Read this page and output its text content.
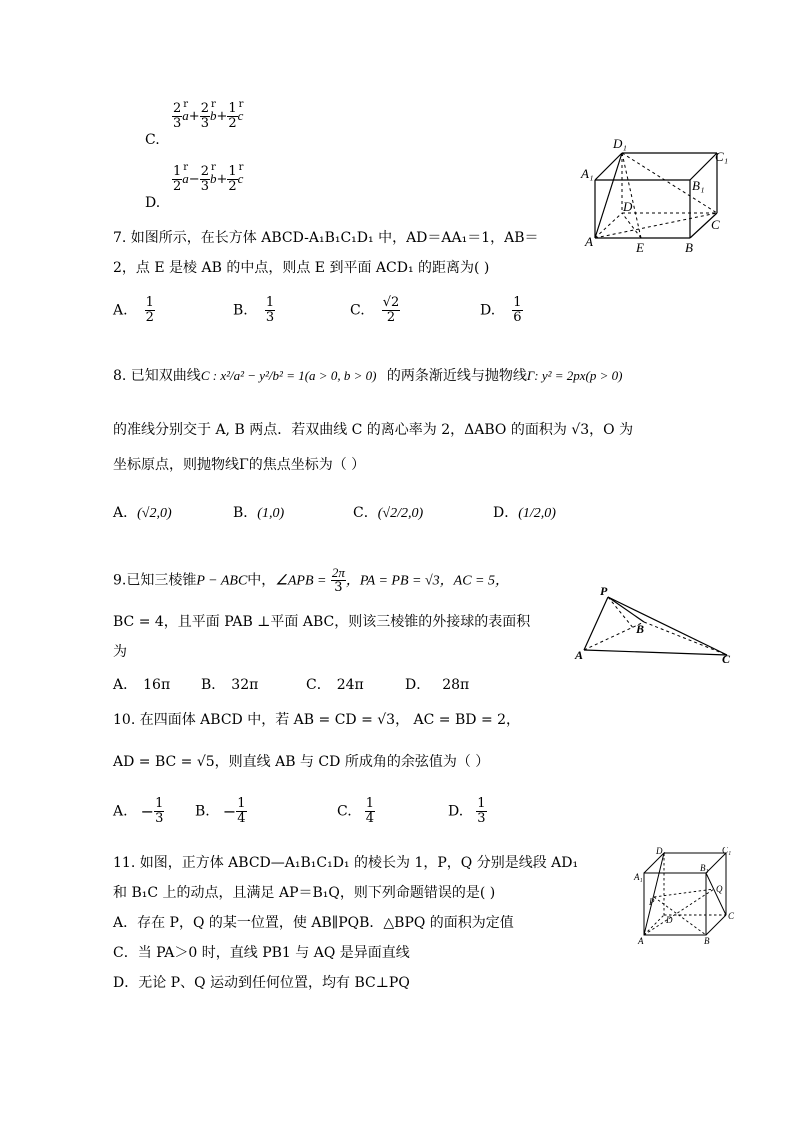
C.
$\frac{2}{3}$ r
$a+ \frac{2}{3}$ r
$b+ \frac{1}{2}$ r
c
D.
$\frac{1}{2}$ r
$a- \frac{2}{3}$ r
$b+ \frac{1}{2}$ r
c
D₁
C₁
A₁
B₁
D
C
A	E	B
7. 如图所示，在长方体 ABCD-A₁B₁C₁D₁ 中，AD＝AA₁＝1，AB＝
2，点 E 是棱 AB 的中点，则点 E 到平面 ACD₁ 的距离为( )
A. $\frac{1}{2}$	B. $\frac{1}{3}$	C. $\frac{√2}{2}$	D. $\frac{1}{6}$
8. 已知双曲线C : x²/a² − y²/b² = 1(a > 0, b > 0) 的两条渐近线与抛物线Γ: y² = 2px(p > 0)
的准线分别交于 A, B 两点．若双曲线 C 的离心率为 2，ΔABO 的面积为 √3，O 为
坐标原点，则抛物线Γ的焦点坐标为（ ）
A．(√2,0)	B．(1,0)	C．(√2/2,0)	D．(1/2,0)
9.已知三棱锥P − ABC中，∠APB = $\frac{2\pi}{3}$ ，PA = PB = √3，AC = 5，
BC = 4，且平面 PAB ⊥平面 ABC，则该三棱锥的外接球的表面积
为
A． 16π B． 32π	C． 24π	D． 28π
P
B
A	C
10. 在四面体 ABCD 中，若 AB = CD = √3， AC = BD = 2，
AD = BC = √5，则直线 AB 与 CD 所成角的余弦值为（ ）
A. − $\frac{1}{3} B$. − $\frac{1}{4}$	C. $\frac{1}{4}$	D. $\frac{1}{3}$
11. 如图，正方体 ABCD—A₁B₁C₁D₁ 的棱长为 1，P，Q 分别是线段 AD₁
和 B₁C 上的动点，且满足 AP＝B₁Q，则下列命题错误的是( )
A．存在 P，Q 的某一位置，使 AB∥PQB．△BPQ 的面积为定值
C．当 PA＞0 时，直线 PB1 与 AQ 是异面直线
D．无论 P、Q 运动到任何位置，均有 BC⊥PQ
D₁	C₁
A₁
B₁
Q
P
D	C
A	B
